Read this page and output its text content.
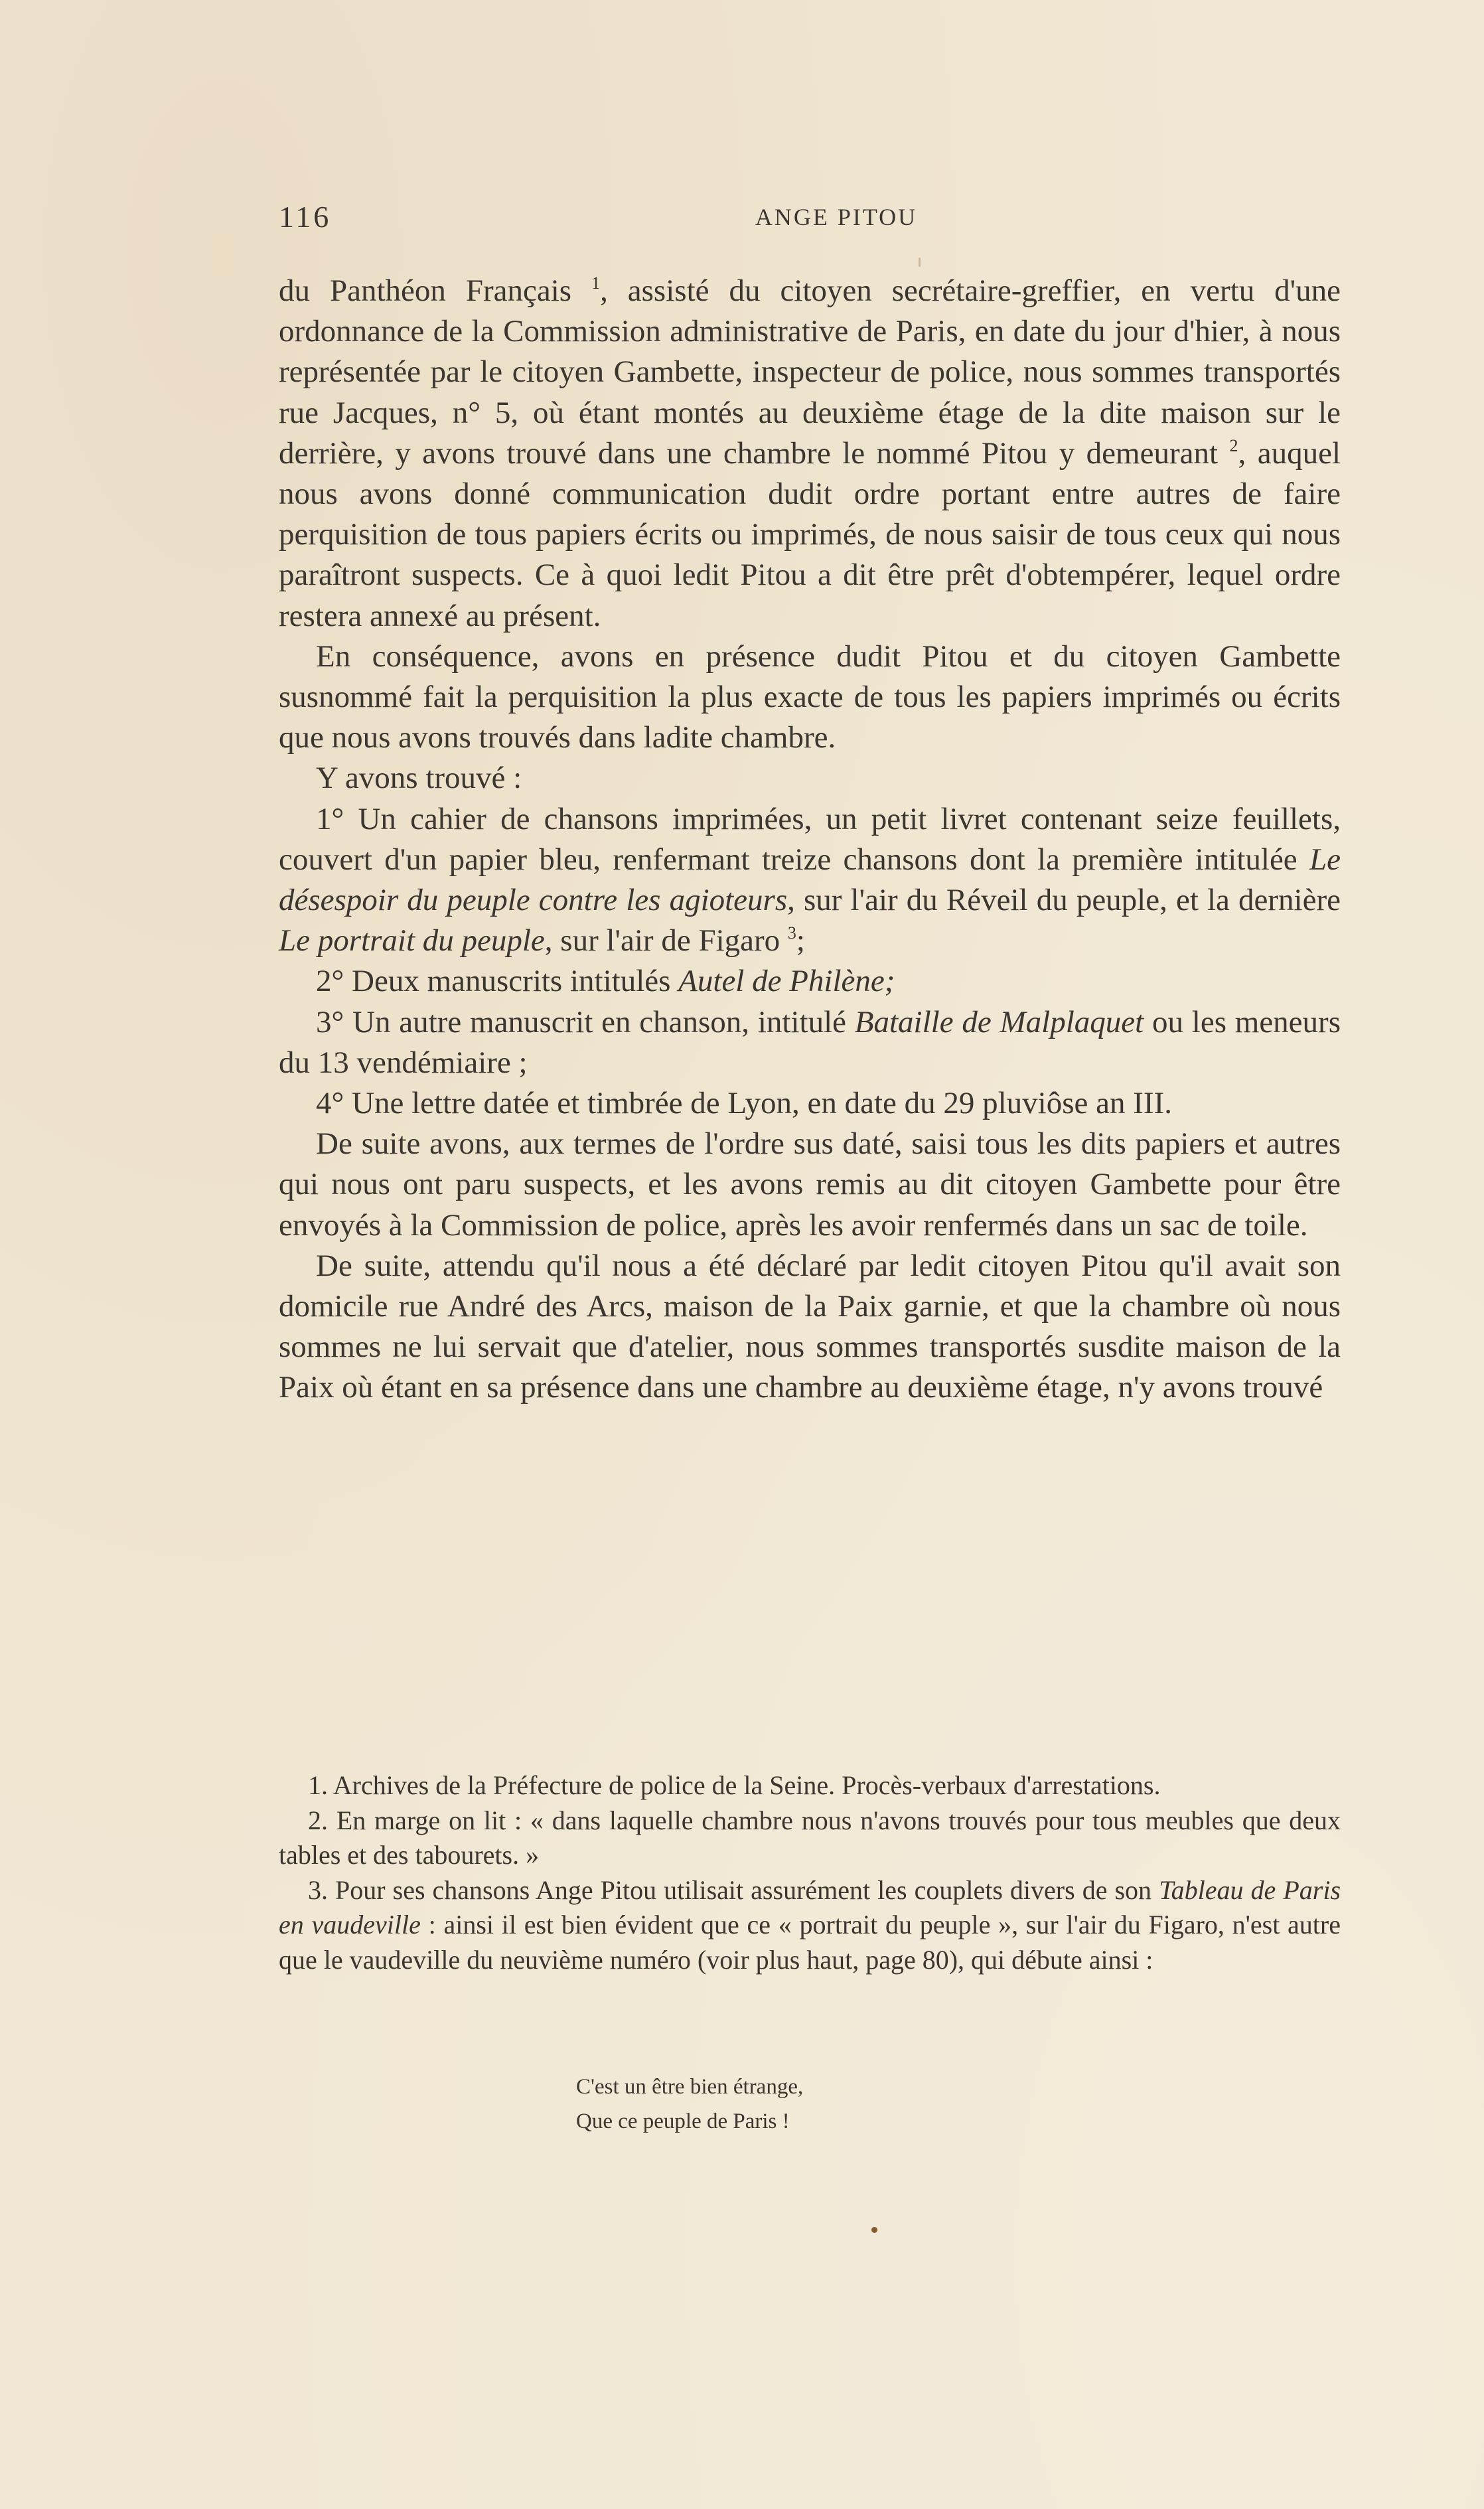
116	ANGE PITOU

du Panthéon Français $^1$, assisté du citoyen secrétaire-greffier, en vertu d'une ordonnance de la Commission administrative de Paris, en date du jour d'hier, à nous représentée par le citoyen Gambette, inspecteur de police, nous sommes transportés rue Jacques, n° 5, où étant montés au deuxième étage de la dite maison sur le derrière, y avons trouvé dans une chambre le nommé Pitou y demeurant $^2$, auquel nous avons donné communication dudit ordre portant entre autres de faire perquisition de tous papiers écrits ou imprimés, de nous saisir de tous ceux qui nous paraîtront suspects. Ce à quoi ledit Pitou a dit être prêt d'obtempérer, lequel ordre restera annexé au présent.

En conséquence, avons en présence dudit Pitou et du citoyen Gambette susnommé fait la perquisition la plus exacte de tous les papiers imprimés ou écrits que nous avons trouvés dans ladite chambre.

Y avons trouvé :

1° Un cahier de chansons imprimées, un petit livret contenant seize feuillets, couvert d'un papier bleu, renfermant treize chansons dont la première intitulée Le désespoir du peuple contre les agioteurs, sur l'air du Réveil du peuple, et la dernière Le portrait du peuple, sur l'air de Figaro $^3$;

2° Deux manuscrits intitulés Autel de Philène;

3° Un autre manuscrit en chanson, intitulé Bataille de Malplaquet ou les meneurs du 13 vendémiaire ;

4° Une lettre datée et timbrée de Lyon, en date du 29 pluviôse an III.

De suite avons, aux termes de l'ordre sus daté, saisi tous les dits papiers et autres qui nous ont paru suspects, et les avons remis au dit citoyen Gambette pour être envoyés à la Commission de police, après les avoir renfermés dans un sac de toile.

De suite, attendu qu'il nous a été déclaré par ledit citoyen Pitou qu'il avait son domicile rue André des Arcs, maison de la Paix garnie, et que la chambre où nous sommes ne lui servait que d'atelier, nous sommes transportés susdite maison de la Paix où étant en sa présence dans une chambre au deuxième étage, n'y avons trouvé

1. Archives de la Préfecture de police de la Seine. Procès-verbaux d'arrestations.

2. En marge on lit : « dans laquelle chambre nous n'avons trouvés pour tous meubles que deux tables et des tabourets. »

3. Pour ses chansons Ange Pitou utilisait assurément les couplets divers de son Tableau de Paris en vaudeville : ainsi il est bien évident que ce « portrait du peuple », sur l'air du Figaro, n'est autre que le vaudeville du neuvième numéro (voir plus haut, page 80), qui débute ainsi :

C'est un être bien étrange,
Que ce peuple de Paris !
